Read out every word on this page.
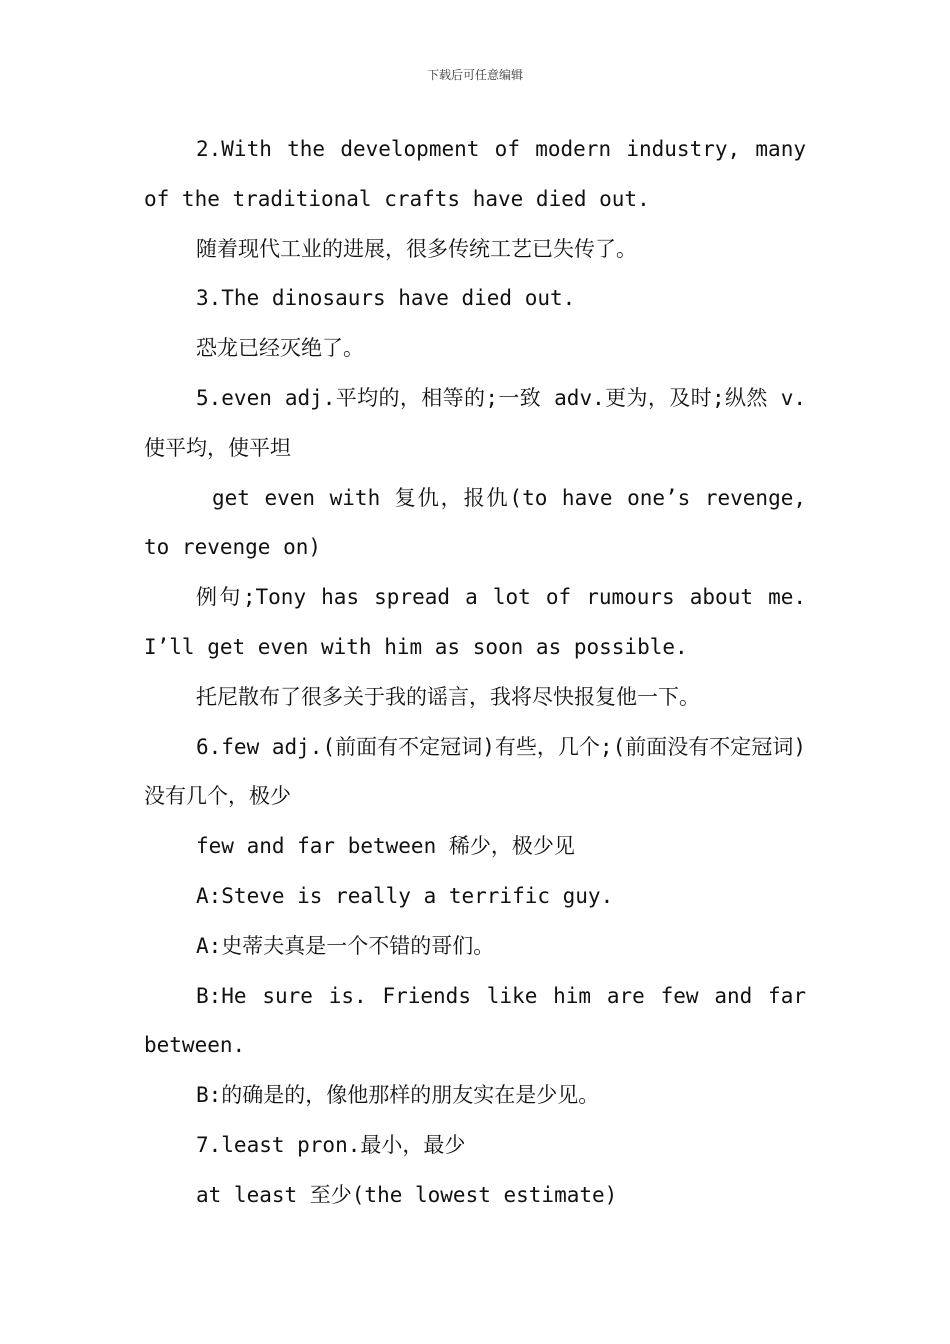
下载后可任意编辑

2.With the development of modern industry, many of the traditional crafts have died out.

随着现代工业的进展，很多传统工艺已失传了。

3.The dinosaurs have died out.

恐龙已经灭绝了。

5.even adj.平均的，相等的;一致 adv.更为，及时;纵然 v. 使平均，使平坦

get even with 复仇，报仇(to have one’s revenge, to revenge on)

例句;Tony has spread a lot of rumours about me. I’ll get even with him as soon as possible.

托尼散布了很多关于我的谣言，我将尽快报复他一下。

6.few adj.(前面有不定冠词)有些，几个;(前面没有不定冠词)没有几个，极少

few and far between 稀少，极少见

A:Steve is really a terrific guy.

A:史蒂夫真是一个不错的哥们。

B:He sure is. Friends like him are few and far between.

B:的确是的，像他那样的朋友实在是少见。

7.least pron.最小，最少

at least 至少(the lowest estimate)
